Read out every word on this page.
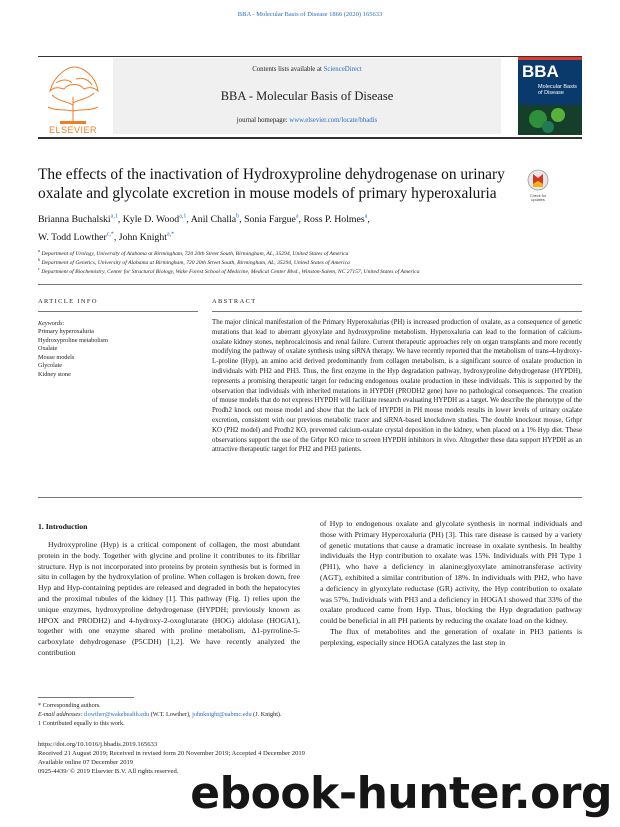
BBA - Molecular Basis of Disease 1866 (2020) 165633
ELSEVIER
Contents lists available at ScienceDirect
BBA - Molecular Basis of Disease
journal homepage: www.elsevier.com/locate/bbadis
BBA
Molecular Basis of Disease
The effects of the inactivation of Hydroxyproline dehydrogenase on urinary oxalate and glycolate excretion in mouse models of primary hyperoxaluria	Check for updates
Brianna Buchalski$^{a,1}$, Kyle D. Wood$^{a,1}$, Anil Challa$^b$, Sonia Fargue$^a$, Ross P. Holmes$^a$,
W. Todd Lowther$^{c,*}$, John Knight$^{a,*}$
$^a$ Department of Urology, University of Alabama at Birmingham, 720 20th Street South, Birmingham, AL, 35294, United States of America
$^b$ Department of Genetics, University of Alabama at Birmingham, 720 20th Street South, Birmingham, AL, 35294, United States of America
$^c$ Department of Biochemistry, Center for Structural Biology, Wake Forest School of Medicine, Medical Center Blvd., Winston-Salem, NC 27157, United States of America
ARTICLE INFO
Keywords:
Primary hyperoxaluria
Hydroxyproline metabolism
Oxalate
Mouse models
Glycolate
Kidney stone
ABSTRACT
The major clinical manifestation of the Primary Hyperoxalurias (PH) is increased production of oxalate, as a consequence of genetic mutations that lead to aberrant glyoxylate and hydroxyproline metabolism. Hyperoxaluria can lead to the formation of calcium-oxalate kidney stones, nephrocalcinosis and renal failure. Current therapeutic approaches rely on organ transplants and more recently modifying the pathway of oxalate synthesis using siRNA therapy. We have recently reported that the metabolism of trans-4-hydroxy-L-proline (Hyp), an amino acid derived predominantly from collagen metabolism, is a significant source of oxalate production in individuals with PH2 and PH3. Thus, the first enzyme in the Hyp degradation pathway, hydroxyproline dehydrogenase (HYPDH), represents a promising therapeutic target for reducing endogenous oxalate production in these individuals. This is supported by the observation that individuals with inherited mutations in HYPDH (PRODH2 gene) have no pathological consequences. The creation of mouse models that do not express HYPDH will facilitate research evaluating HYPDH as a target. We describe the phenotype of the Prodh2 knock out mouse model and show that the lack of HYPDH in PH mouse models results in lower levels of urinary oxalate excretion, consistent with our previous metabolic tracer and siRNA-based knockdown studies. The double knockout mouse, Grhpr KO (PH2 model) and Prodh2 KO, prevented calcium-oxalate crystal deposition in the kidney, when placed on a 1% Hyp diet. These observations support the use of the Grhpr KO mice to screen HYPDH inhibitors in vivo. Altogether these data support HYPDH as an attractive therapeutic target for PH2 and PH3 patients.
1. Introduction

Hydroxyproline (Hyp) is a critical component of collagen, the most abundant protein in the body. Together with glycine and proline it contributes to its fibrillar structure. Hyp is not incorporated into proteins by protein synthesis but is formed in situ in collagen by the hydroxylation of proline. When collagen is broken down, free Hyp and Hyp-containing peptides are released and degraded in both the hepatocytes and the proximal tubules of the kidney [1]. This pathway (Fig. 1) relies upon the unique enzymes, hydroxyproline dehydrogenase (HYPDH; previously known as HPOX and PRODH2) and 4-hydroxy-2-oxoglutarate (HOG) aldolase (HOGA1), together with one enzyme shared with proline metabolism, Δ1-pyrroline-5-carboxylate dehydrogenase (P5CDH) [1,2]. We have recently analyzed the contribution

of Hyp to endogenous oxalate and glycolate synthesis in normal individuals and those with Primary Hyperoxaluria (PH) [3]. This rare disease is caused by a variety of genetic mutations that cause a dramatic increase in oxalate synthesis. In healthy individuals the Hyp contribution to oxalate was 15%. Individuals with PH Type 1 (PH1), who have a deficiency in alanine:glyoxylate aminotransferase activity (AGT), exhibited a similar contribution of 18%. In individuals with PH2, who have a deficiency in glyoxylate reductase (GR) activity, the Hyp contribution to oxalate was 57%. Individuals with PH3 and a deficiency in HOGA1 showed that 33% of the oxalate produced came from Hyp. Thus, blocking the Hyp degradation pathway could be beneficial in all PH patients by reducing the oxalate load on the kidney.

The flux of metabolites and the generation of oxalate in PH3 patients is perplexing, especially since HOGA catalyzes the last step in

* Corresponding authors.
E-mail addresses: tlowther@wakehealth.edu (W.T. Lowther), johnknight@uabmc.edu (J. Knight).
1 Contributed equally to this work.
https://doi.org/10.1016/j.bbadis.2019.165633
Received 21 August 2019; Received in revised form 20 November 2019; Accepted 4 December 2019
Available online 07 December 2019
0925-4439/ © 2019 Elsevier B.V. All rights reserved. ebook-hunter.org
